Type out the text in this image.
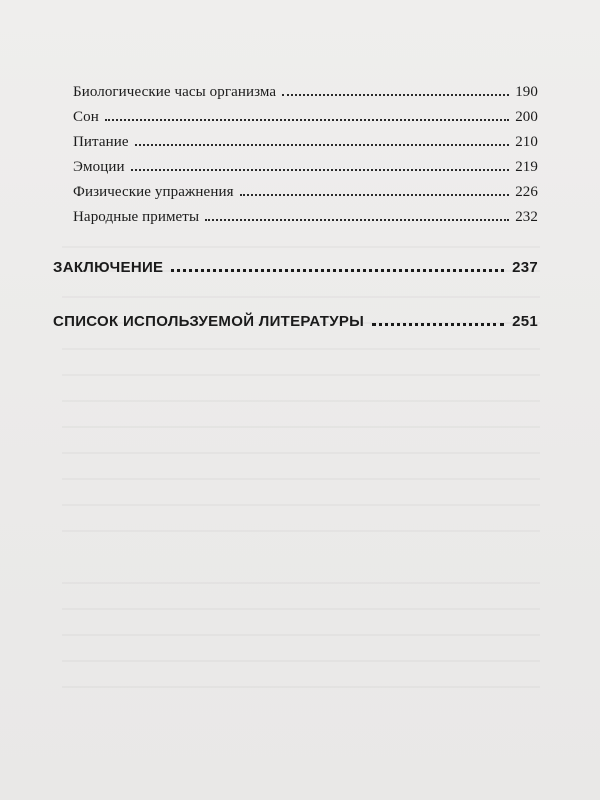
Биологические часы организма	190
Сон	200
Питание	210
Эмоции	219
Физические упражнения	226
Народные приметы	232
ЗАКЛЮЧЕНИЕ	237
СПИСОК ИСПОЛЬЗУЕМОЙ ЛИТЕРАТУРЫ	251
